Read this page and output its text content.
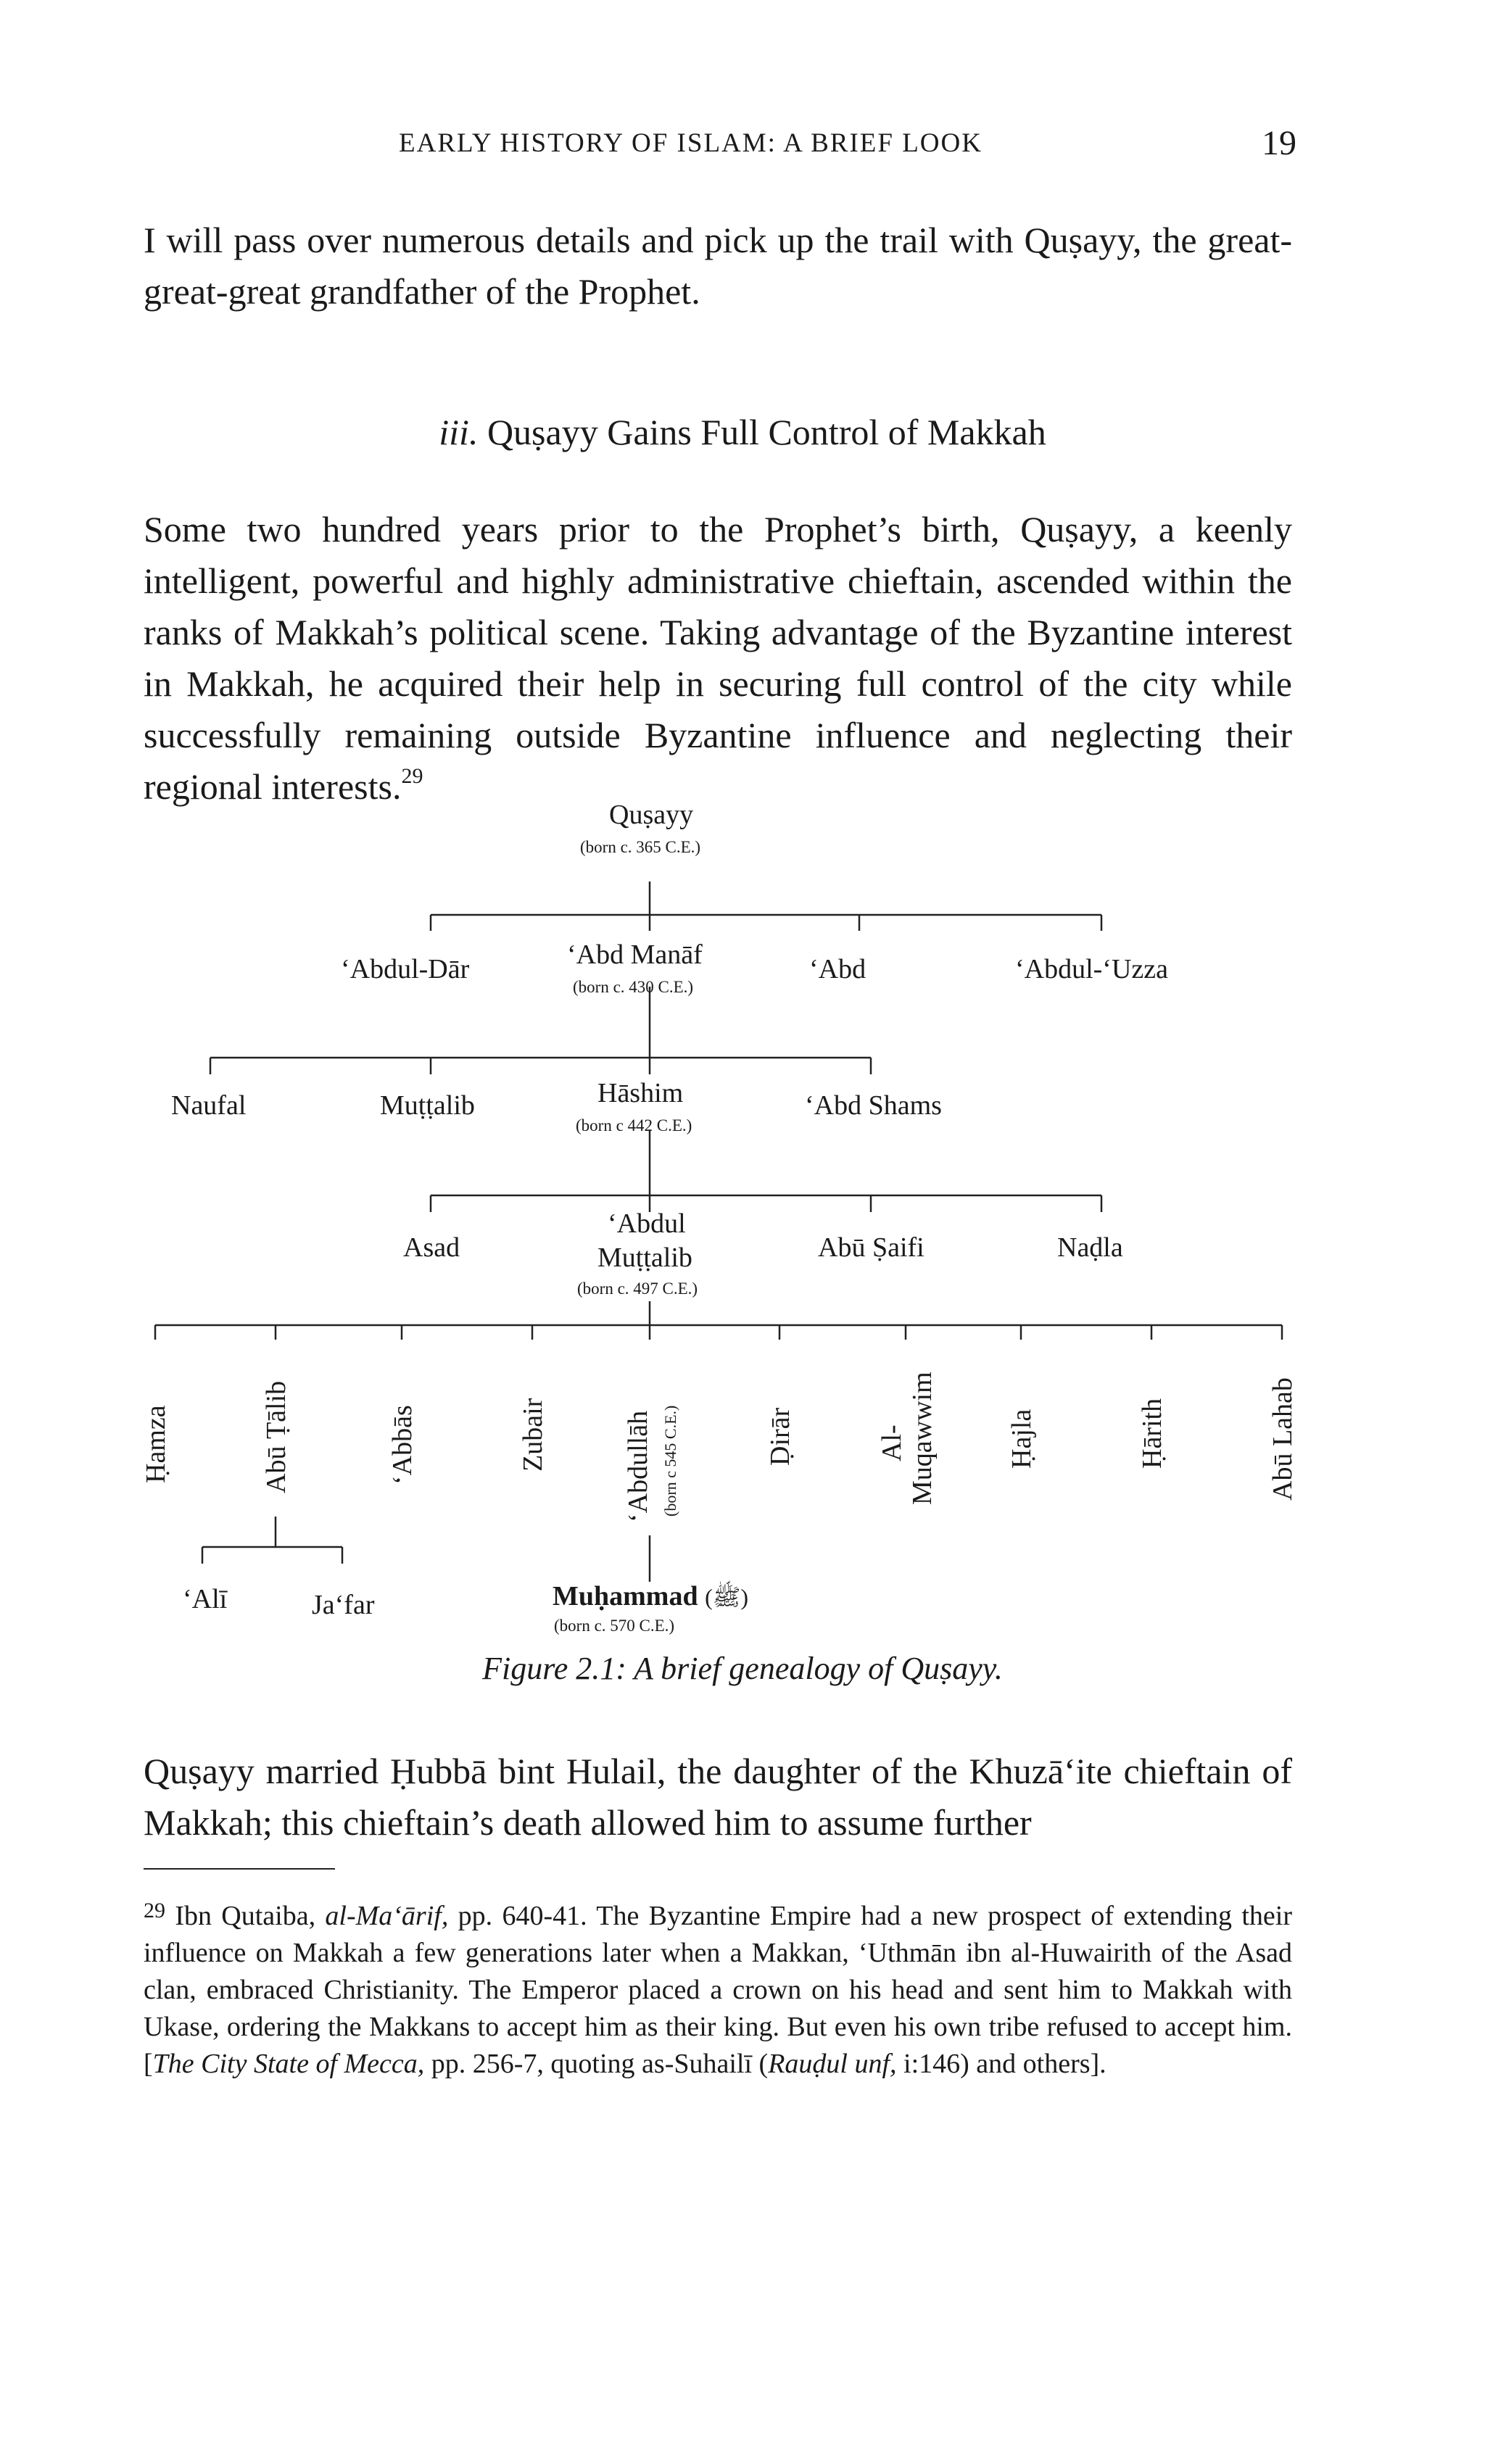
EARLY HISTORY OF ISLAM: A BRIEF LOOK	19
I will pass over numerous details and pick up the trail with Quṣayy, the great-great-great grandfather of the Prophet.
iii. Quṣayy Gains Full Control of Makkah
Some two hundred years prior to the Prophet’s birth, Quṣayy, a keenly intelligent, powerful and highly administrative chieftain, ascended within the ranks of Makkah’s political scene. Taking advantage of the Byzantine interest in Makkah, he acquired their help in securing full control of the city while successfully remaining outside Byzantine influence and neglecting their regional interests.$^{29}$
Quṣayy
(born c. 365 C.E.)
‘Abdul-Dār	‘Abd Manāf
(born c. 430 C.E.)
‘Abd	‘Abdul-‘Uzza
Naufal	Muṭṭalib	Hāshim
(born c 442 C.E.)
‘Abd Shams
Asad
‘Abdul
Muṭṭalib
(born c. 497 C.E.)
Abū Ṣaifi	Naḍla
Ḥamza	Abū Ṭālib	‘Abbās	Zubair	‘Abdullāh (born c 545 C.E.)	Ḍirār	Al- Muqawwim	Ḥajla	Ḥārith	Abū Lahab
‘Alī	Ja‘far	Muḥammad (ﷺ)
(born c. 570 C.E.)
Figure 2.1: A brief genealogy of Quṣayy.
Quṣayy married Ḥubbā bint Hulail, the daughter of the Khuzā‘ite chieftain of Makkah; this chieftain’s death allowed him to assume further
$^{29}$ Ibn Qutaiba, al-Ma‘ārif, pp. 640-41. The Byzantine Empire had a new prospect of extending their influence on Makkah a few generations later when a Makkan, ‘Uthmān ibn al-Huwairith of the Asad clan, embraced Christianity. The Emperor placed a crown on his head and sent him to Makkah with Ukase, ordering the Makkans to accept him as their king. But even his own tribe refused to accept him. [The City State of Mecca, pp. 256-7, quoting as-Suhailī (Rauḍul unf, i:146) and others].
